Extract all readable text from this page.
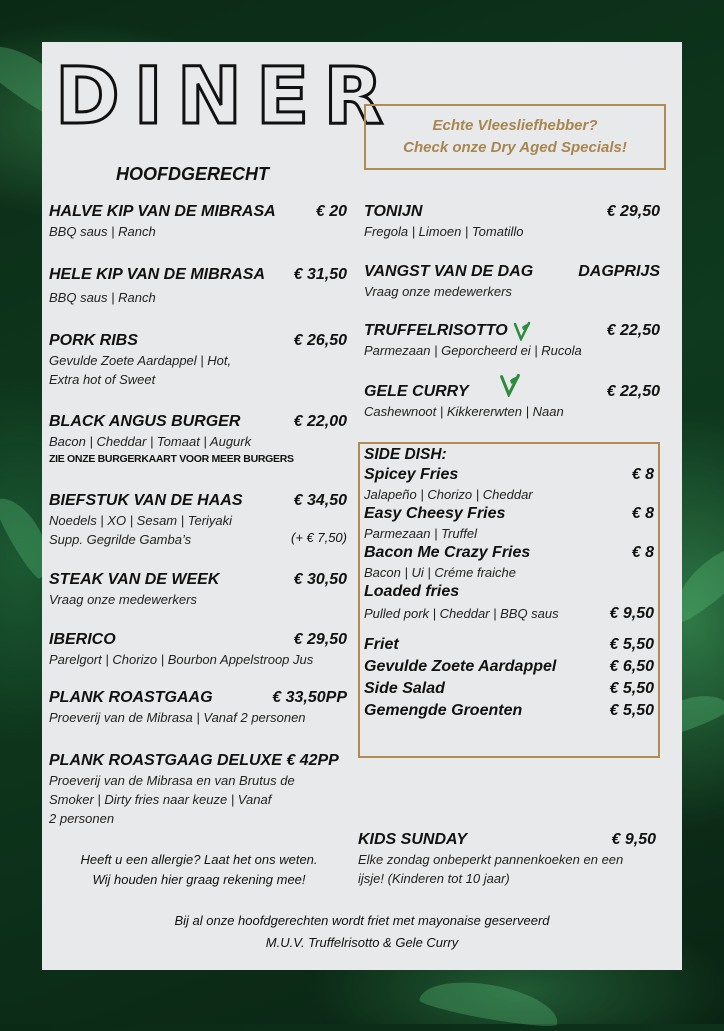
DINER	Echte Vleesliefhebber?
Check onze Dry Aged Specials!
HOOFDGERECHT
HALVE KIP VAN DE MIBRASA	€ 20
BBQ saus | Ranch
HELE KIP VAN DE MIBRASA	€ 31,50
BBQ saus | Ranch
PORK RIBS	€ 26,50
Gevulde Zoete Aardappel | Hot,
Extra hot of Sweet
BLACK ANGUS BURGER	€ 22,00
Bacon | Cheddar | Tomaat | Augurk
ZIE ONZE BURGERKAART VOOR MEER BURGERS
BIEFSTUK VAN DE HAAS	€ 34,50
Noedels | XO | Sesam | Teriyaki
Supp. Gegrilde Gamba’s	(+ € 7,50)
STEAK VAN DE WEEK	€ 30,50
Vraag onze medewerkers
IBERICO	€ 29,50
Parelgort | Chorizo | Bourbon Appelstroop Jus
PLANK ROASTGAAG	€ 33,50PP
Proeverij van de Mibrasa | Vanaf 2 personen
PLANK ROASTGAAG DELUXE € 42PP
Proeverij van de Mibrasa en van Brutus de
Smoker | Dirty fries naar keuze | Vanaf
2 personen
TONIJN	€ 29,50
Fregola | Limoen | Tomatillo
VANGST VAN DE DAG	DAGPRIJS
Vraag onze medewerkers
TRUFFELRISOTTO	€ 22,50
Parmezaan | Geporcheerd ei | Rucola
GELE CURRY	€ 22,50
Cashewnoot | Kikkererwten | Naan
SIDE DISH:
Spicey Fries	€ 8
Jalapeño | Chorizo | Cheddar
Easy Cheesy Fries	€ 8
Parmezaan | Truffel
Bacon Me Crazy Fries	€ 8
Bacon | Ui | Créme fraiche
Loaded fries
Pulled pork | Cheddar | BBQ saus	€ 9,50
Friet	€ 5,50
Gevulde Zoete Aardappel	€ 6,50
Side Salad	€ 5,50
Gemengde Groenten	€ 5,50
KIDS SUNDAY	€ 9,50
Elke zondag onbeperkt pannenkoeken en een
ijsje! (Kinderen tot 10 jaar)
Heeft u een allergie? Laat het ons weten.
Wij houden hier graag rekening mee!
Bij al onze hoofdgerechten wordt friet met mayonaise geserveerd
M.U.V. Truffelrisotto & Gele Curry
